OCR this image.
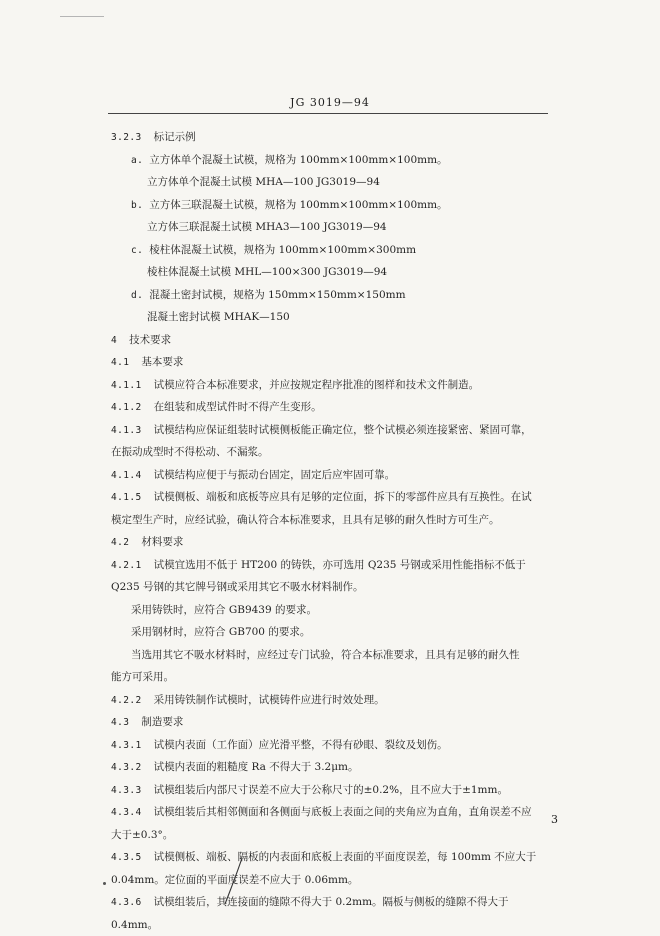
JG 3019—94
3.2.3 标记示例
a. 立方体单个混凝土试模，规格为 100mm×100mm×100mm。
立方体单个混凝土试模 MHA—100 JG3019—94
b. 立方体三联混凝土试模，规格为 100mm×100mm×100mm。
立方体三联混凝土试模 MHA3—100 JG3019—94
c. 棱柱体混凝土试模，规格为 100mm×100mm×300mm
棱柱体混凝土试模 MHL—100×300 JG3019—94
d. 混凝土密封试模，规格为 150mm×150mm×150mm
混凝土密封试模 MHAK—150
4 技术要求
4.1 基本要求
4.1.1 试模应符合本标准要求，并应按规定程序批准的图样和技术文件制造。
4.1.2 在组装和成型试件时不得产生变形。
4.1.3 试模结构应保证组装时试模侧板能正确定位，整个试模必须连接紧密、紧固可靠，
在振动成型时不得松动、不漏浆。
4.1.4 试模结构应便于与振动台固定，固定后应牢固可靠。
4.1.5 试模侧板、端板和底板等应具有足够的定位面，拆下的零部件应具有互换性。在试
模定型生产时，应经试验，确认符合本标准要求，且具有足够的耐久性时方可生产。
4.2 材料要求
4.2.1 试模宜选用不低于 HT200 的铸铁，亦可选用 Q235 号钢或采用性能指标不低于
Q235 号钢的其它牌号钢或采用其它不吸水材料制作。
采用铸铁时，应符合 GB9439 的要求。
采用钢材时，应符合 GB700 的要求。
当选用其它不吸水材料时，应经过专门试验，符合本标准要求，且具有足够的耐久性
能方可采用。
4.2.2 采用铸铁制作试模时，试模铸件应进行时效处理。
4.3 制造要求
4.3.1 试模内表面（工作面）应光滑平整，不得有砂眼、裂纹及划伤。
4.3.2 试模内表面的粗糙度 Ra 不得大于 3.2μm。
4.3.3 试模组装后内部尺寸误差不应大于公称尺寸的±0.2%，且不应大于±1mm。
4.3.4 试模组装后其相邻侧面和各侧面与底板上表面之间的夹角应为直角，直角误差不应
大于±0.3°。
4.3.5 试模侧板、端板、隔板的内表面和底板上表面的平面度误差，每 100mm 不应大于
0.04mm。定位面的平面度误差不应大于 0.06mm。
4.3.6 试模组装后，其连接面的缝隙不得大于 0.2mm。隔板与侧板的缝隙不得大于
0.4mm。
3
